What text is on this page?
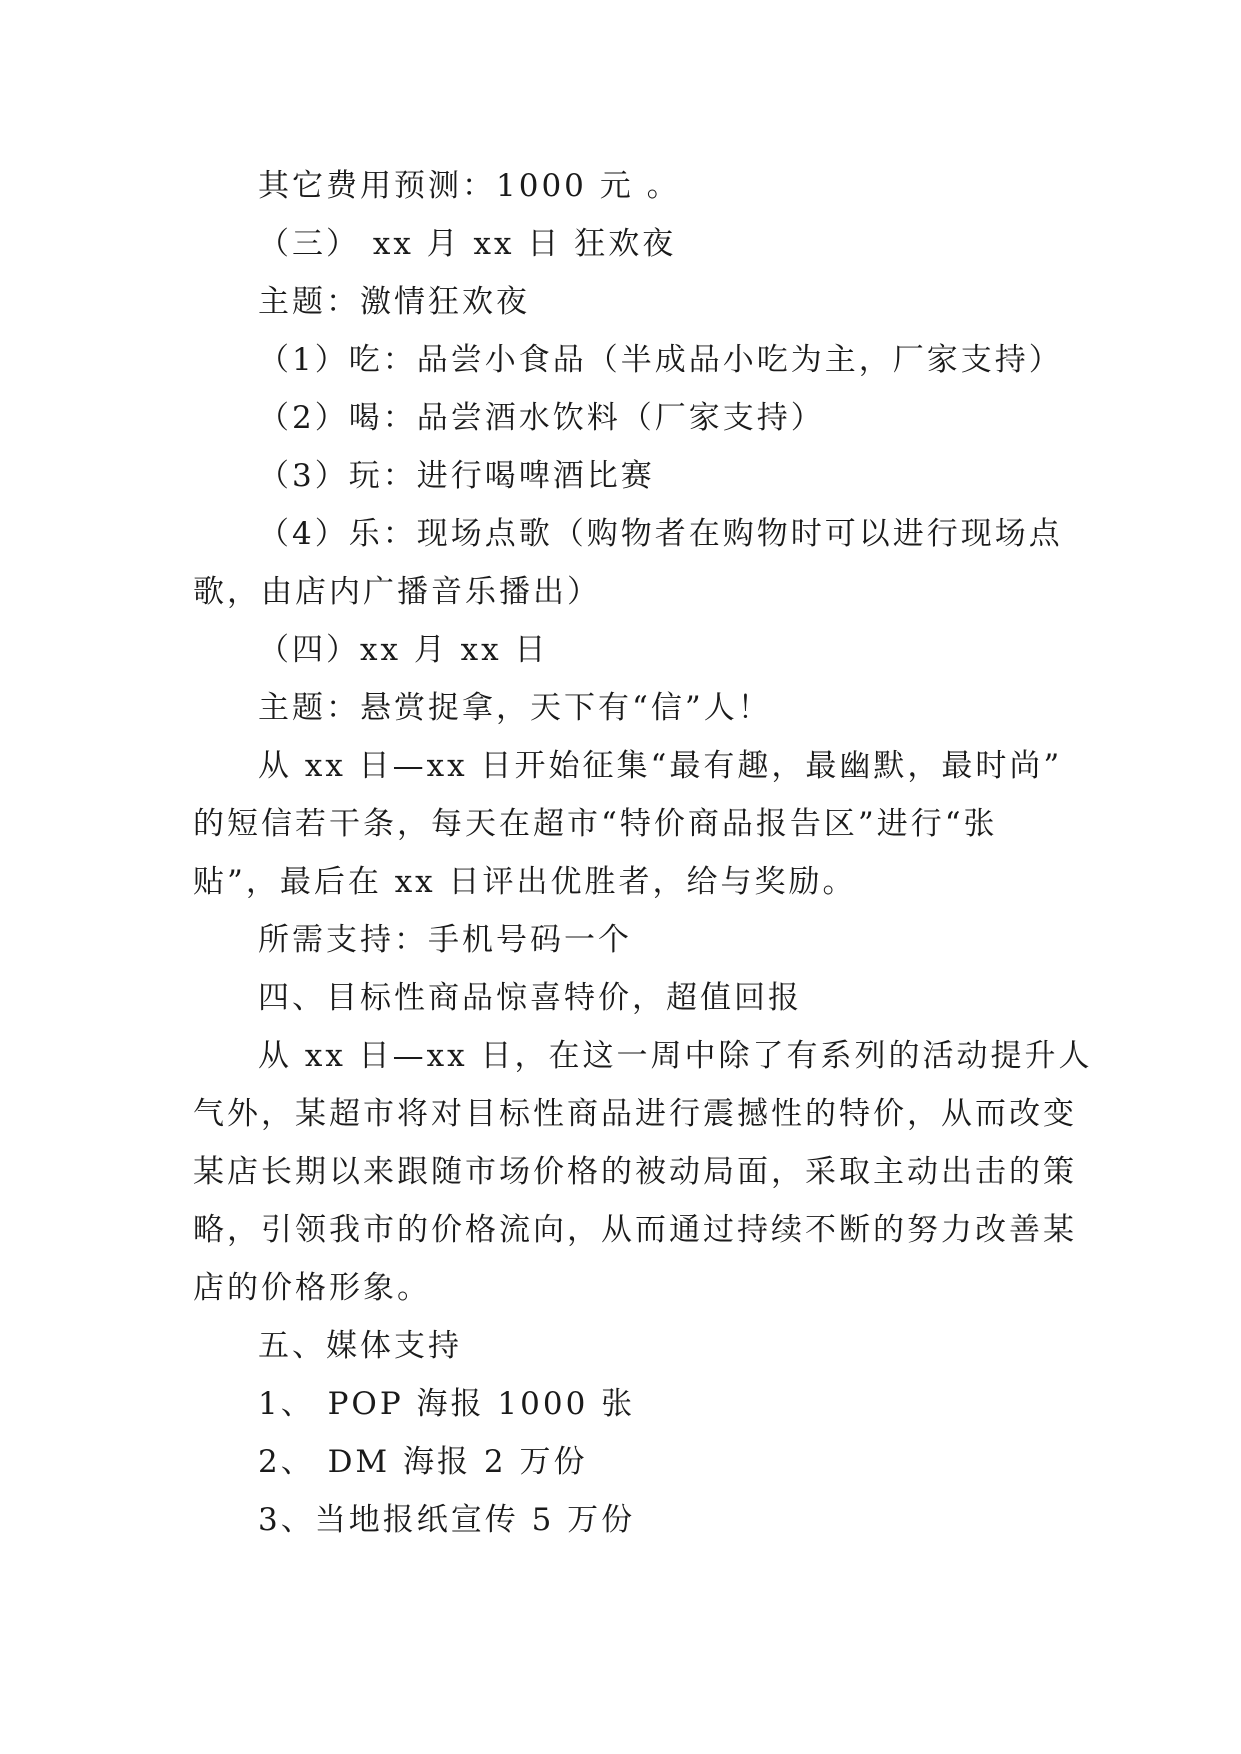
其它费用预测：1000 元 。
（三） xx 月 xx 日 狂欢夜
主题：激情狂欢夜
（1）吃：品尝小食品（半成品小吃为主，厂家支持）
（2）喝：品尝酒水饮料（厂家支持）
（3）玩：进行喝啤酒比赛
（4）乐：现场点歌（购物者在购物时可以进行现场点
歌，由店内广播音乐播出）
（四）xx 月 xx 日
主题：悬赏捉拿，天下有“信”人！
从 xx 日—xx 日开始征集“最有趣，最幽默，最时尚”
的短信若干条，每天在超市“特价商品报告区”进行“张
贴”，最后在 xx 日评出优胜者，给与奖励。
所需支持：手机号码一个
四、目标性商品惊喜特价，超值回报
从 xx 日—xx 日，在这一周中除了有系列的活动提升人
气外，某超市将对目标性商品进行震撼性的特价，从而改变
某店长期以来跟随市场价格的被动局面，采取主动出击的策
略，引领我市的价格流向，从而通过持续不断的努力改善某
店的价格形象。
五、媒体支持
1、 POP 海报 1000 张
2、 DM 海报 2 万份
3、当地报纸宣传 5 万份
